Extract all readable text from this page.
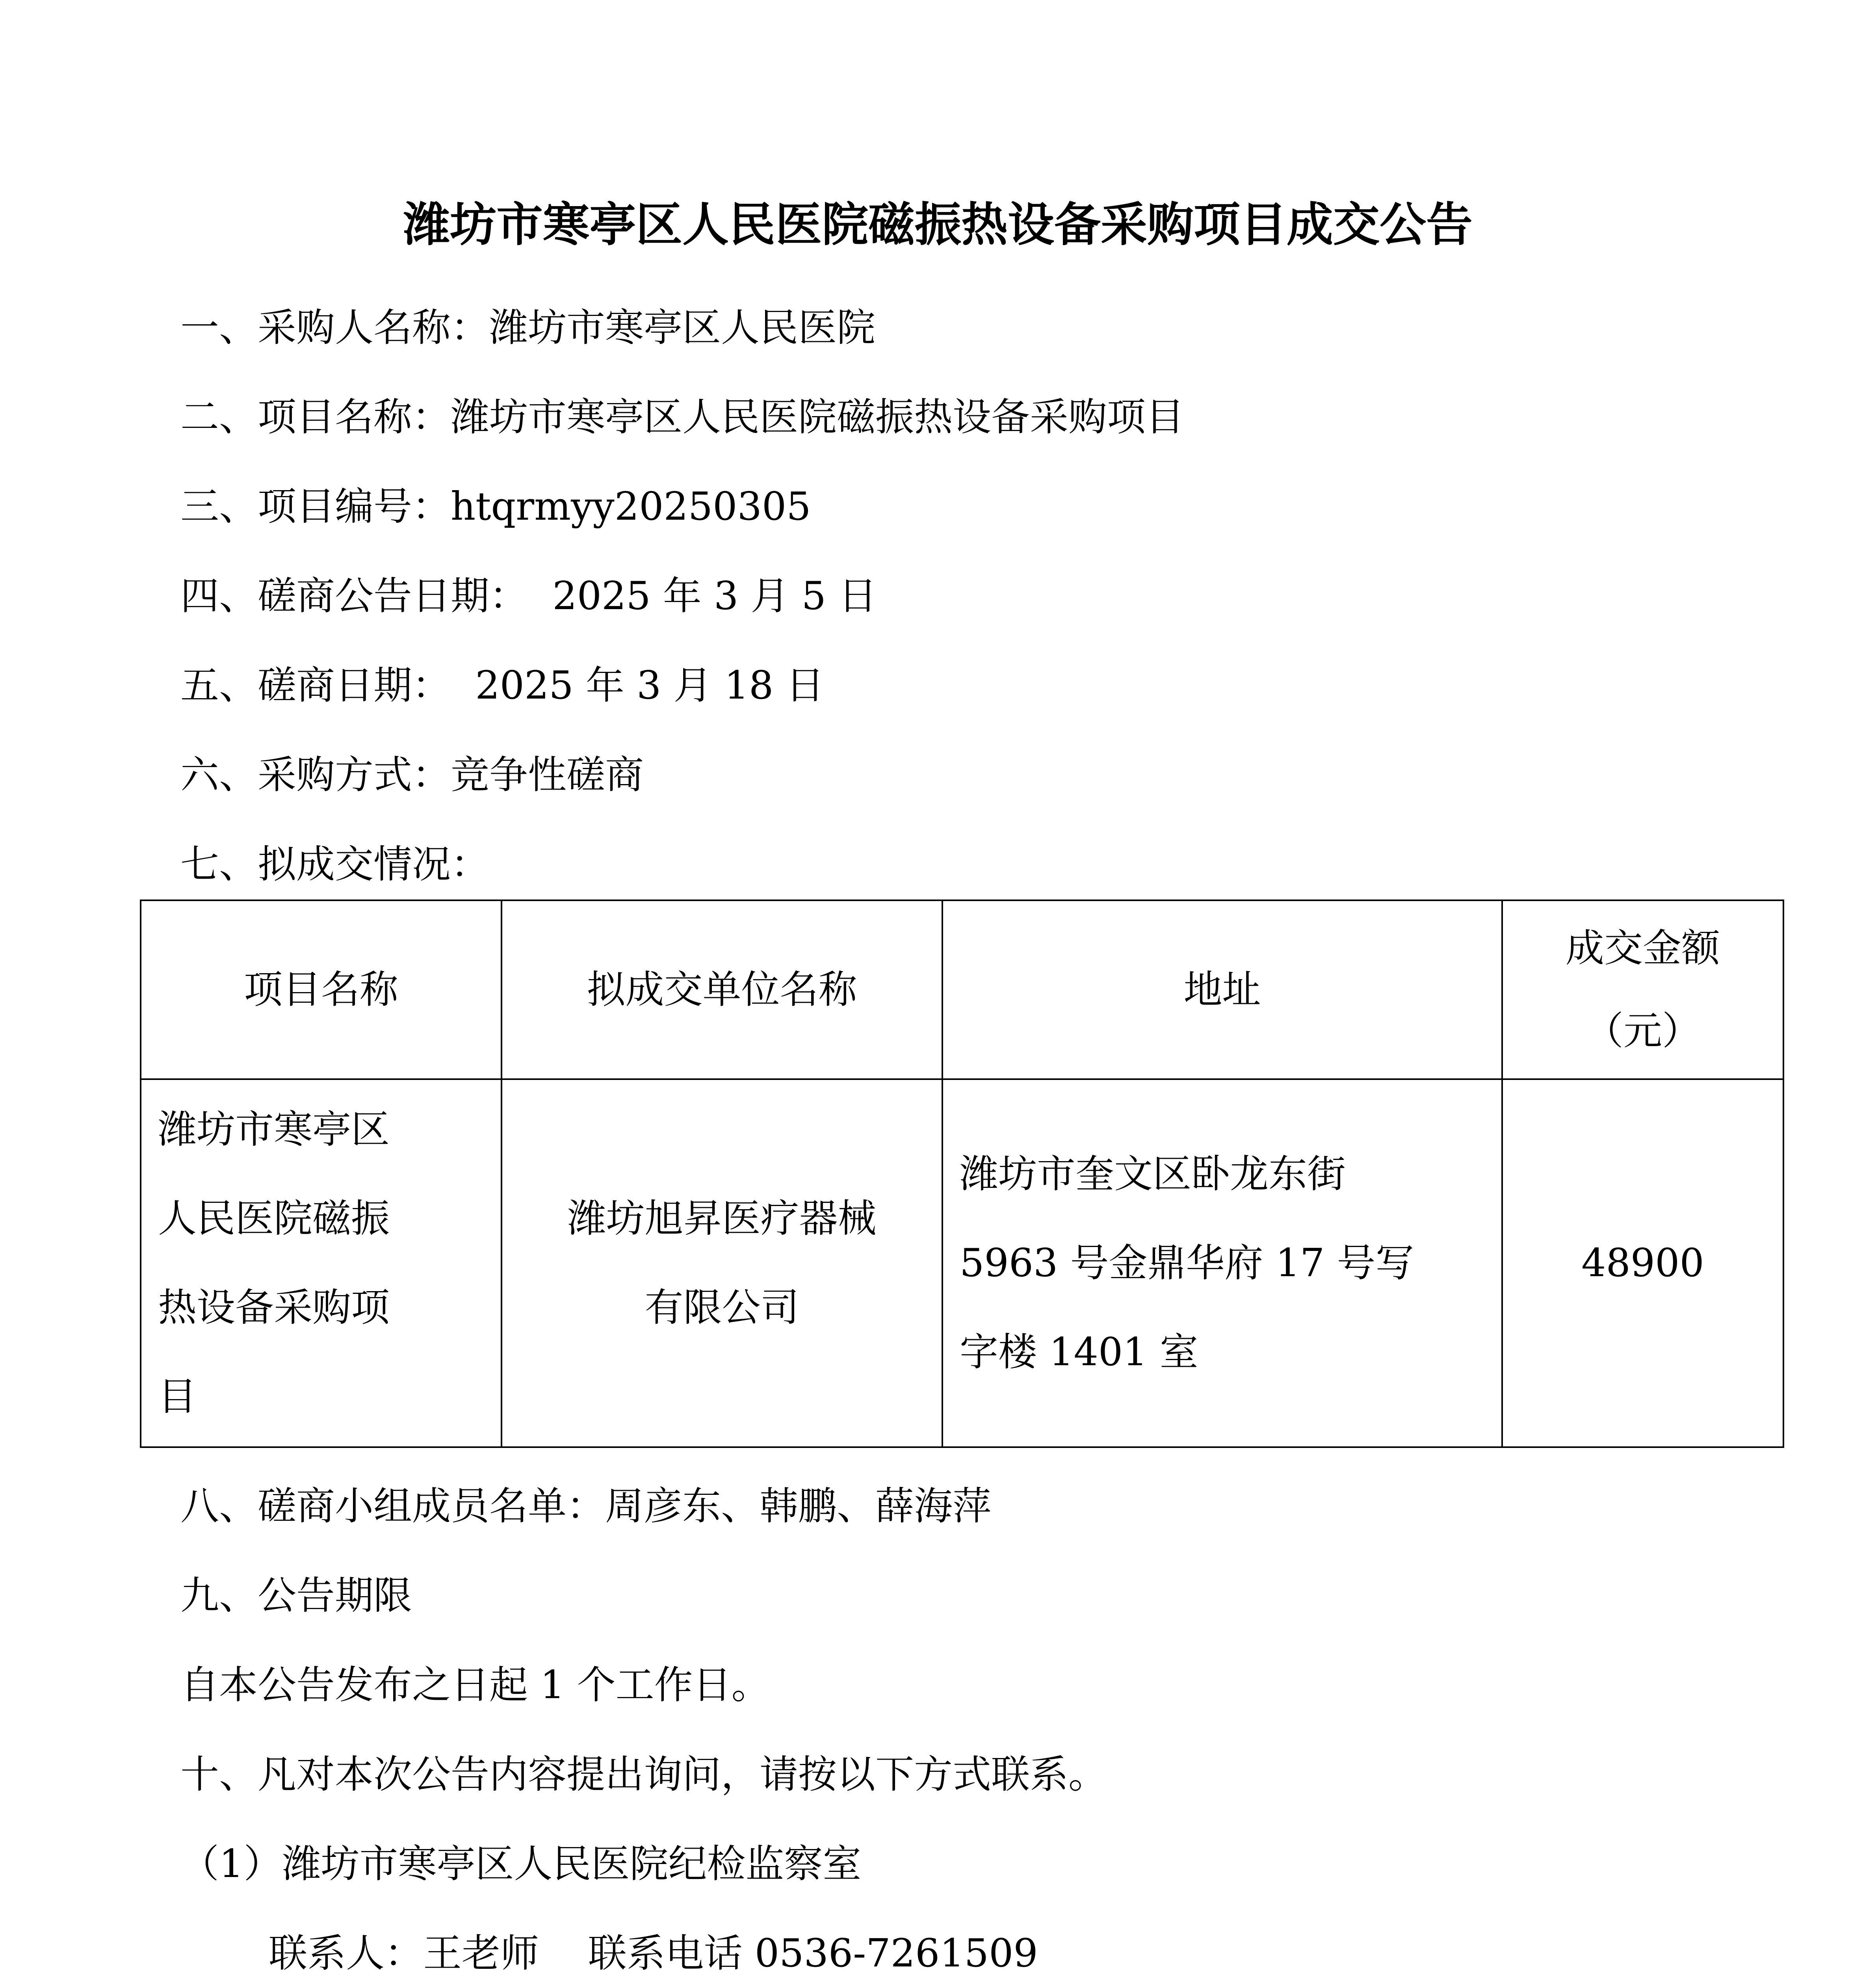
潍坊市寒亭区人民医院磁振热设备采购项目成交公告
一、采购人名称：潍坊市寒亭区人民医院
二、项目名称：潍坊市寒亭区人民医院磁振热设备采购项目
三、项目编号：htqrmyy20250305
四、磋商公告日期：  2025 年 3 月 5 日
五、磋商日期：  2025 年 3 月 18 日
六、采购方式：竞争性磋商
七、拟成交情况：
项目名称	拟成交单位名称	地址	成交金额
（元）

潍坊市寒亭区
人民医院磁振
热设备采购项
目	潍坊旭昇医疗器械
有限公司	潍坊市奎文区卧龙东街
5963 号金鼎华府 17 号写
字楼 1401 室	48900
八、磋商小组成员名单：周彦东、韩鹏、薛海萍
九、公告期限
自本公告发布之日起 1 个工作日。
十、凡对本次公告内容提出询问，请按以下方式联系。
（1）潍坊市寒亭区人民医院纪检监察室
联系人：王老师    联系电话 0536-7261509
